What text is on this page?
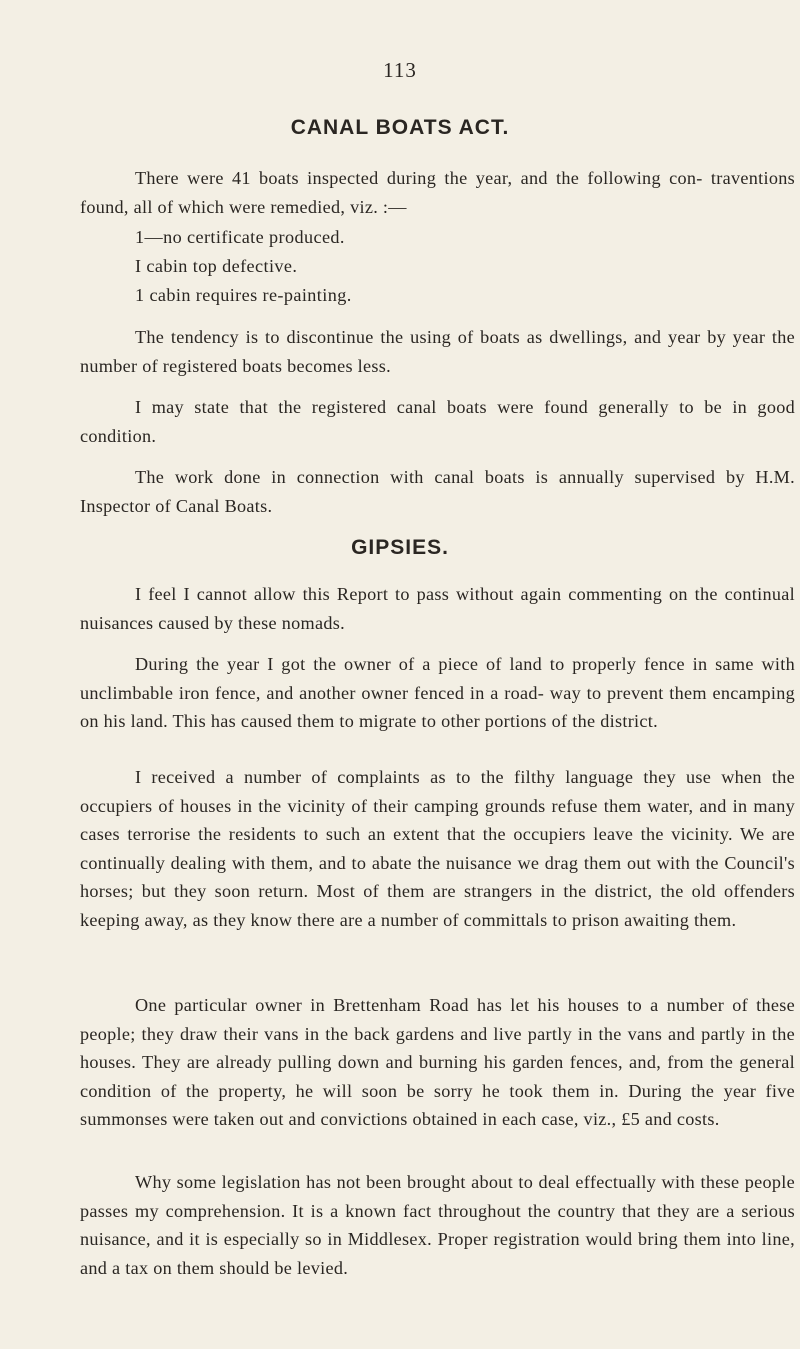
113
CANAL BOATS ACT.

There were 41 boats inspected during the year, and the following con- traventions found, all of which were remedied, viz. :—

1—no certificate produced.

I cabin top defective.

1 cabin requires re-painting.

The tendency is to discontinue the using of boats as dwellings, and year by year the number of registered boats becomes less.

I may state that the registered canal boats were found generally to be in good condition.

The work done in connection with canal boats is annually supervised by H.M. Inspector of Canal Boats.

GIPSIES.

I feel I cannot allow this Report to pass without again commenting on the continual nuisances caused by these nomads.

During the year I got the owner of a piece of land to properly fence in same with unclimbable iron fence, and another owner fenced in a road- way to prevent them encamping on his land. This has caused them to migrate to other portions of the district.

I received a number of complaints as to the filthy language they use when the occupiers of houses in the vicinity of their camping grounds refuse them water, and in many cases terrorise the residents to such an extent that the occupiers leave the vicinity. We are continually dealing with them, and to abate the nuisance we drag them out with the Council's horses; but they soon return. Most of them are strangers in the district, the old offenders keeping away, as they know there are a number of committals to prison awaiting them.

One particular owner in Brettenham Road has let his houses to a number of these people; they draw their vans in the back gardens and live partly in the vans and partly in the houses. They are already pulling down and burning his garden fences, and, from the general condition of the property, he will soon be sorry he took them in. During the year five summonses were taken out and convictions obtained in each case, viz., £5 and costs.

Why some legislation has not been brought about to deal effectually with these people passes my comprehension. It is a known fact throughout the country that they are a serious nuisance, and it is especially so in Middlesex. Proper registration would bring them into line, and a tax on them should be levied.
